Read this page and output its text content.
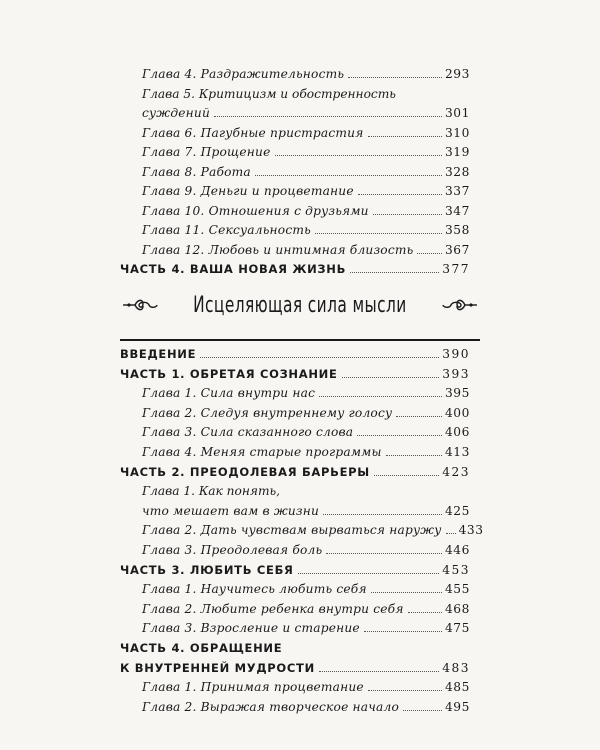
Глава 4. Раздражительность	293
Глава 5. Критицизм и обостренность
суждений	301
Глава 6. Пагубные пристрастия	310
Глава 7. Прощение	319
Глава 8. Работа	328
Глава 9. Деньги и процветание	337
Глава 10. Отношения с друзьями	347
Глава 11. Сексуальность	358
Глава 12. Любовь и интимная близость	367
ЧАСТЬ 4. ВАША НОВАЯ ЖИЗНЬ	377
Исцеляющая сила мысли
ВВЕДЕНИЕ	390
ЧАСТЬ 1. ОБРЕТАЯ СОЗНАНИЕ	393
Глава 1. Сила внутри нас	395
Глава 2. Следуя внутреннему голосу	400
Глава 3. Сила сказанного слова	406
Глава 4. Меняя старые программы	413
ЧАСТЬ 2. ПРЕОДОЛЕВАЯ БАРЬЕРЫ	423
Глава 1. Как понять,
что мешает вам в жизни	425
Глава 2. Дать чувствам вырваться наружу 433
Глава 3. Преодолевая боль	446
ЧАСТЬ 3. ЛЮБИТЬ СЕБЯ	453
Глава 1. Научитесь любить себя	455
Глава 2. Любите ребенка внутри себя	468
Глава 3. Взросление и старение	475
ЧАСТЬ 4. ОБРАЩЕНИЕ
К ВНУТРЕННЕЙ МУДРОСТИ	483
Глава 1. Принимая процветание	485
Глава 2. Выражая творческое начало	495
